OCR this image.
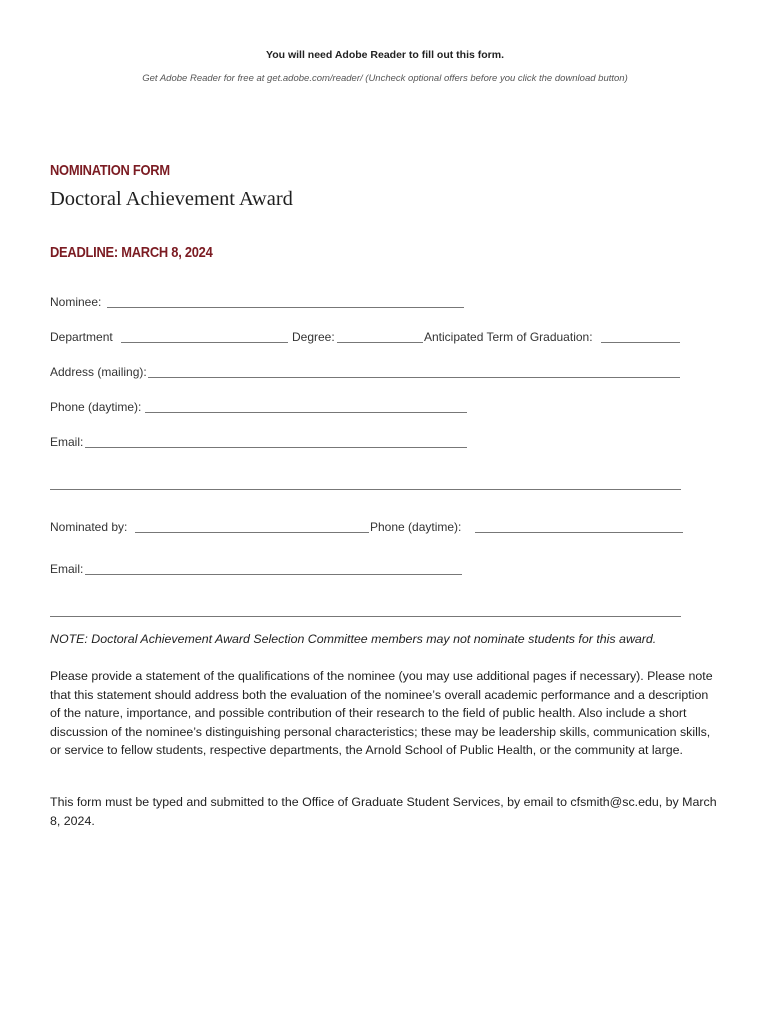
You will need Adobe Reader to fill out this form.
Get Adobe Reader for free at get.adobe.com/reader/ (Uncheck optional offers before you click the download button)
NOMINATION FORM
Doctoral Achievement Award
DEADLINE: MARCH 8, 2024
Nominee:
Department	Degree:	Anticipated Term of Graduation:
Address (mailing):
Phone (daytime):
Email:
Nominated by:	Phone (daytime):
Email:
NOTE: Doctoral Achievement Award Selection Committee members may not nominate students for this award.

Please provide a statement of the qualifications of the nominee (you may use additional pages if necessary). Please note that this statement should address both the evaluation of the nominee’s overall academic performance and a description of the nature, importance, and possible contribution of their research to the field of public health. Also include a short discussion of the nominee’s distinguishing personal characteristics; these may be leadership skills, communication skills, or service to fellow students, respective departments, the Arnold School of Public Health, or the community at large.

This form must be typed and submitted to the Office of Graduate Student Services, by email to cfsmith@sc.edu, by March 8, 2024.
